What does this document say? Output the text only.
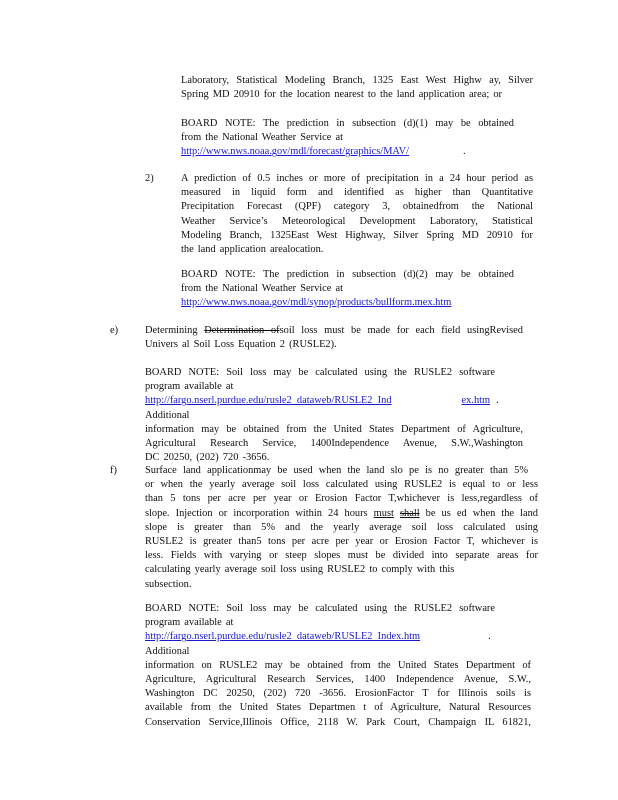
Laboratory, Statistical Modeling Branch, 1325 East West Highw ay, Silver
Spring MD 20910 for the location nearest to the land application area; or
BOARD NOTE: The prediction in subsection (d)(1) may be obtained
from the National Weather Service at
http://www.nws.noaa.gov/mdl/forecast/graphics/MAV/	.
2)	A prediction of 0.5 inches or more of precipitation in a 24 hour period as
measured in liquid form and identified as higher than Quantitative
Precipitation Forecast (QPF) category 3, obtainedfrom the National
Weather Service’s Meteorological Development Laboratory, Statistical
Modeling Branch, 1325East West Highway, Silver Spring MD 20910 for
the land application arealocation.
BOARD NOTE: The prediction in subsection (d)(2) may be obtained
from the National Weather Service at
http://www.nws.noaa.gov/mdl/synop/products/bullform.mex.htm
e)	Determining Determination ofsoil loss must be made for each field usingRevised
Univers al Soil Loss Equation 2 (RUSLE2).
BOARD NOTE: Soil loss may be calculated using the RUSLE2 software
program available at
http://fargo.nserl.purdue.edu/rusle2_dataweb/RUSLE2_Ind	ex.htm . Additional
information may be obtained from the United States Department of Agriculture,
Agricultural Research Service, 1400Independence Avenue, S.W.,Washington
DC 20250, (202) 720 -3656.
f)	Surface land applicationmay be used when the land slo pe is no greater than 5%
or when the yearly average soil loss calculated using RUSLE2 is equal to or less
than 5 tons per acre per year or Erosion Factor T,whichever is less,regardless of
slope. Injection or incorporation within 24 hours must shall be us ed when the land
slope is greater than 5% and the yearly average soil loss calculated using
RUSLE2 is greater than5 tons per acre per year or Erosion Factor T, whichever is
less. Fields with varying or steep slopes must be divided into separate areas for
calculating yearly average soil loss using RUSLE2 to comply with this
subsection.
BOARD NOTE: Soil loss may be calculated using the RUSLE2 software
program available at
http://fargo.nserl.purdue.edu/rusle2_dataweb/RUSLE2_Index.htm	. Additional
information on RUSLE2 may be obtained from the United States Department of
Agriculture, Agricultural Research Services, 1400 Independence Avenue, S.W.,
Washington DC 20250, (202) 720 -3656. ErosionFactor T for Illinois soils is
available from the United States Departmen t of Agriculture, Natural Resources
Conservation Service,Illinois Office, 2118 W. Park Court, Champaign IL 61821,
